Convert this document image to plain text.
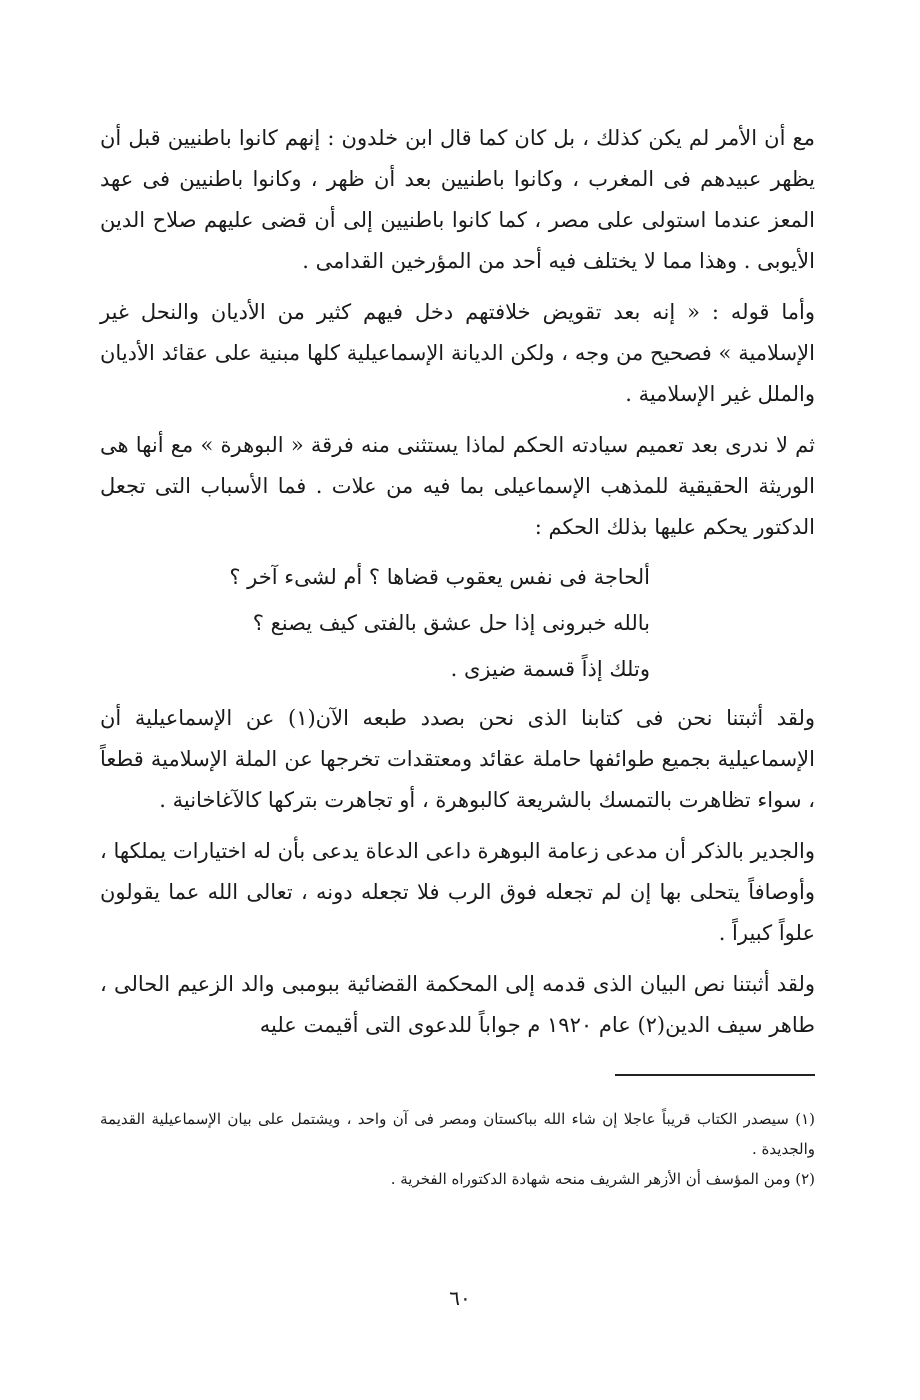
مع أن الأمر لم يكن كذلك ، بل كان كما قال ابن خلدون : إنهم كانوا باطنيين قبل أن يظهر عبيدهم فى المغرب ، وكانوا باطنيين بعد أن ظهر ، وكانوا باطنيين فى عهد المعز عندما استولى على مصر ، كما كانوا باطنيين إلى أن قضى عليهم صلاح الدين الأيوبى . وهذا مما لا يختلف فيه أحد من المؤرخين القدامى .

وأما قوله : « إنه بعد تقويض خلافتهم دخل فيهم كثير من الأديان والنحل غير الإسلامية » فصحيح من وجه ، ولكن الديانة الإسماعيلية كلها مبنية على عقائد الأديان والملل غير الإسلامية .

ثم لا ندرى بعد تعميم سيادته الحكم لماذا يستثنى منه فرقة « البوهرة » مع أنها هى الوريثة الحقيقية للمذهب الإسماعيلى بما فيه من علات . فما الأسباب التى تجعل الدكتور يحكم عليها بذلك الحكم :

ألحاجة فى نفس يعقوب قضاها ؟ أم لشىء آخر ؟

بالله خبرونى إذا حل عشق بالفتى كيف يصنع ؟

وتلك إذاً قسمة ضيزى .

ولقد أثبتنا نحن فى كتابنا الذى نحن بصدد طبعه الآن(١) عن الإسماعيلية أن الإسماعيلية بجميع طوائفها حاملة عقائد ومعتقدات تخرجها عن الملة الإسلامية قطعاً ، سواء تظاهرت بالتمسك بالشريعة كالبوهرة ، أو تجاهرت بتركها كالآغاخانية .

والجدير بالذكر أن مدعى زعامة البوهرة داعى الدعاة يدعى بأن له اختيارات يملكها ، وأوصافاً يتحلى بها إن لم تجعله فوق الرب فلا تجعله دونه ، تعالى الله عما يقولون علواً كبيراً .

ولقد أثبتنا نص البيان الذى قدمه إلى المحكمة القضائية ببومبى والد الزعيم الحالى ، طاهر سيف الدين(٢) عام ١٩٢٠ م جواباً للدعوى التى أقيمت عليه

(١) سيصدر الكتاب قريباً عاجلا إن شاء الله بباكستان ومصر فى آن واحد ، ويشتمل على بيان الإسماعيلية القديمة والجديدة .

(٢) ومن المؤسف أن الأزهر الشريف منحه شهادة الدكتوراه الفخرية .

٦٠
